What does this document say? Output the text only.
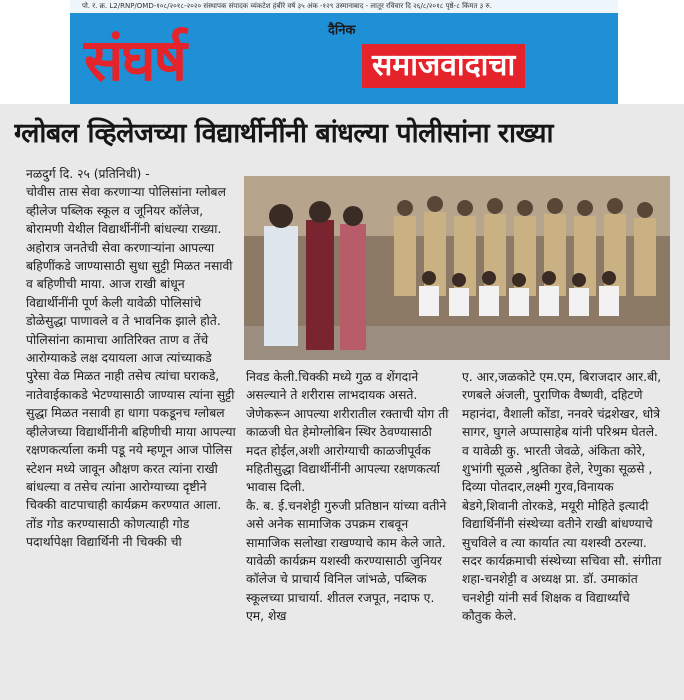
पो. र. क्र. L2/RNP/OMD-१०८/२०१८-२०२० संस्थापक संपादक व्यंकटेश हंबीरे वर्ष ३५ अंक -१२९ उस्मानाबाद - लातूर रविवार दि २६/८/२०१८ पृष्ठे-८ किंमत ३ रु.
दैनिक
संघर्ष	समाजवादाचा
ग्लोबल व्हिलेजच्या विद्यार्थीनींनी बांधल्या पोलीसांना राख्या

नळदुर्ग दि. २५ (प्रतिनिधी) -
चोवीस तास सेवा करणाऱ्या पोलिसांना ग्लोबल व्हीलेज पब्लिक स्कूल व जूनियर कॉलेज, बोरामणी येथील विद्यार्थीनींनी बांधल्या राख्या.
अहोरात्र जनतेची सेवा करणाऱ्यांना आपल्या बहिणींकडे जाण्यासाठी सुधा सुट्टी मिळत नसावी व बहिणीची माया. आज राखी बांधून विद्यार्थीनींनी पूर्ण केली यावेळी पोलिसांचे डोळेसुद्धा पाणावले व ते भावनिक झाले होते. पोलिसांना कामाचा आतिरिक्त ताण व तेंचे आरोग्याकडे लक्ष दयायला आज त्यांच्याकडे पुरेसा वेळ मिळत नाही तसेच त्यांचा घराकडे, नातेवाईकाकडे भेटण्यासाठी जाण्यास त्यांना सुट्टी सुद्धा मिळत नसावी हा धागा पकडूनच ग्लोबल व्हीलेजच्या विद्यार्थीनीनी बहिणीची माया आपल्या रक्षणकर्त्याला कमी पडू नये म्हणून आज पोलिस स्टेशन मध्ये जावून औक्षण करत त्यांना राखी बांधल्या व तसेच त्यांना आरोग्याच्या दृष्टीने चिक्की वाटपाचाही कार्यक्रम करण्यात आला. तोंड गोड करण्यासाठी कोणत्याही गोड पदार्थापेक्षा विद्यार्थिनी नी चिक्की ची

निवड केली.चिक्की मध्ये गुळ व शेंगदाने असल्याने ते शरीरास लाभदायक असते. जेणेकरून आपल्या शरीरातील रक्ताची योग ती काळजी घेत हेमोग्लोबिन स्थिर ठेवण्यासाठी मदत होईल,अशी आरोग्याची काळजीपूर्वक महितीसुद्धा विद्यार्थीनींनी आपल्या रक्षणकर्त्या भावास दिली.
कै. ब. ई.चनशेट्टी गुरुजी प्रतिष्ठान यांच्या वतीने असे अनेक सामाजिक उपक्रम राबवून सामाजिक सलोखा राखण्याचे काम केले जाते. यावेळी कार्यक्रम यशस्वी करण्यासाठी जुनियर कॉलेज चे प्राचार्य विनिल जांभळे, पब्लिक स्कूलच्या प्राचार्या. शीतल रजपूत, नदाफ ए. एम, शेख

ए. आर,जळकोटे एम.एम, बिराजदार आर.बी, रणबले अंजली, पुराणिक वैष्णवी, दहिटणे महानंदा, वैशाली कोंडा, ननवरे चंद्रशेखर, धोत्रे सागर, घुगले अप्पासाहेब यांनी परिश्रम घेतले. व यावेळी कु. भारती जेवळे, अंकिता कोरे, शुभांगी सूळसे ,श्रुतिका हेले, रेणुका सूळसे , दिव्या पोतदार,लक्ष्मी गुरव,विनायक बेडगे,शिवानी तोरकडे, मयूरी मोहिते इत्यादी विद्यार्थिनींनी संस्थेच्या वतीने राखी बांधण्याचे सुचविले व त्या कार्यात त्या यशस्वी ठरल्या.
सदर कार्यक्रमाची संस्थेच्या सचिवा सौ. संगीता शहा-चनशेट्टी व अध्यक्ष प्रा. डॉ. उमाकांत चनशेट्टी यांनी सर्व शिक्षक व विद्यार्थ्यांचे कौतुक केले.
